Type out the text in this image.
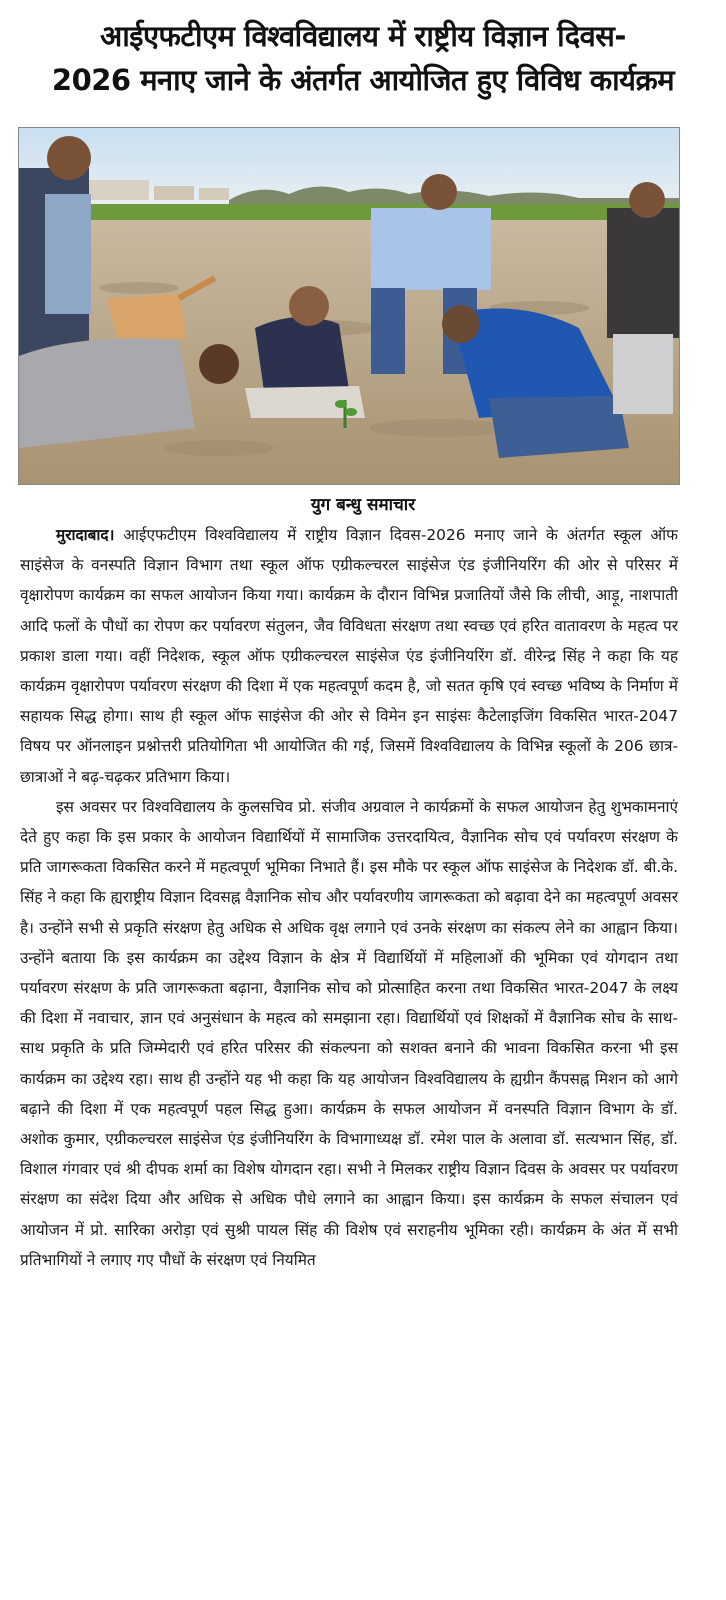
आईएफटीएम विश्वविद्यालय में राष्ट्रीय विज्ञान दिवस-
2026 मनाए जाने के अंतर्गत आयोजित हुए विविध कार्यक्रम
युग बन्धु समाचार

मुरादाबाद। आईएफटीएम विश्वविद्यालय में राष्ट्रीय विज्ञान दिवस-2026 मनाए जाने के अंतर्गत स्कूल ऑफ साइंसेज के वनस्पति विज्ञान विभाग तथा स्कूल ऑफ एग्रीकल्चरल साइंसेज एंड इंजीनियरिंग की ओर से परिसर में वृक्षारोपण कार्यक्रम का सफल आयोजन किया गया। कार्यक्रम के दौरान विभिन्न प्रजातियों जैसे कि लीची, आड़ू, नाशपाती आदि फलों के पौधों का रोपण कर पर्यावरण संतुलन, जैव विविधता संरक्षण तथा स्वच्छ एवं हरित वातावरण के महत्व पर प्रकाश डाला गया। वहीं निदेशक, स्कूल ऑफ एग्रीकल्चरल साइंसेज एंड इंजीनियरिंग डॉ. वीरेन्द्र सिंह ने कहा कि यह कार्यक्रम वृक्षारोपण पर्यावरण संरक्षण की दिशा में एक महत्वपूर्ण कदम है, जो सतत कृषि एवं स्वच्छ भविष्य के निर्माण में सहायक सिद्ध होगा। साथ ही स्कूल ऑफ साइंसेज की ओर से विमेन इन साइंसः कैटेलाइजिंग विकसित भारत-2047 विषय पर ऑनलाइन प्रश्नोत्तरी प्रतियोगिता भी आयोजित की गई, जिसमें विश्वविद्यालय के विभिन्न स्कूलों के 206 छात्र-छात्राओं ने बढ़-चढ़कर प्रतिभाग किया।

इस अवसर पर विश्वविद्यालय के कुलसचिव प्रो. संजीव अग्रवाल ने कार्यक्रमों के सफल आयोजन हेतु शुभकामनाएं देते हुए कहा कि इस प्रकार के आयोजन विद्यार्थियों में सामाजिक उत्तरदायित्व, वैज्ञानिक सोच एवं पर्यावरण संरक्षण के प्रति जागरूकता विकसित करने में महत्वपूर्ण भूमिका निभाते हैं। इस मौके पर स्कूल ऑफ साइंसेज के निदेशक डॉ. बी.के. सिंह ने कहा कि ह्यराष्ट्रीय विज्ञान दिवसह्न वैज्ञानिक सोच और पर्यावरणीय जागरूकता को बढ़ावा देने का महत्वपूर्ण अवसर है। उन्होंने सभी से प्रकृति संरक्षण हेतु अधिक से अधिक वृक्ष लगाने एवं उनके संरक्षण का संकल्प लेने का आह्वान किया। उन्होंने बताया कि इस कार्यक्रम का उद्देश्य विज्ञान के क्षेत्र में विद्यार्थियों में महिलाओं की भूमिका एवं योगदान तथा पर्यावरण संरक्षण के प्रति जागरूकता बढ़ाना, वैज्ञानिक सोच को प्रोत्साहित करना तथा विकसित भारत-2047 के लक्ष्य की दिशा में नवाचार, ज्ञान एवं अनुसंधान के महत्व को समझाना रहा। विद्यार्थियों एवं शिक्षकों में वैज्ञानिक सोच के साथ-साथ प्रकृति के प्रति जिम्मेदारी एवं हरित परिसर की संकल्पना को सशक्त बनाने की भावना विकसित करना भी इस कार्यक्रम का उद्देश्य रहा। साथ ही उन्होंने यह भी कहा कि यह आयोजन विश्वविद्यालय के ह्यग्रीन कैंपसह्न मिशन को आगे बढ़ाने की दिशा में एक महत्वपूर्ण पहल सिद्ध हुआ। कार्यक्रम के सफल आयोजन में वनस्पति विज्ञान विभाग के डॉ. अशोक कुमार, एग्रीकल्चरल साइंसेज एंड इंजीनियरिंग के विभागाध्यक्ष डॉ. रमेश पाल के अलावा डॉ. सत्यभान सिंह, डॉ. विशाल गंगवार एवं श्री दीपक शर्मा का विशेष योगदान रहा। सभी ने मिलकर राष्ट्रीय विज्ञान दिवस के अवसर पर पर्यावरण संरक्षण का संदेश दिया और अधिक से अधिक पौधे लगाने का आह्वान किया। इस कार्यक्रम के सफल संचालन एवं आयोजन में प्रो. सारिका अरोड़ा एवं सुश्री पायल सिंह की विशेष एवं सराहनीय भूमिका रही। कार्यक्रम के अंत में सभी प्रतिभागियों ने लगाए गए पौधों के संरक्षण एवं नियमित
